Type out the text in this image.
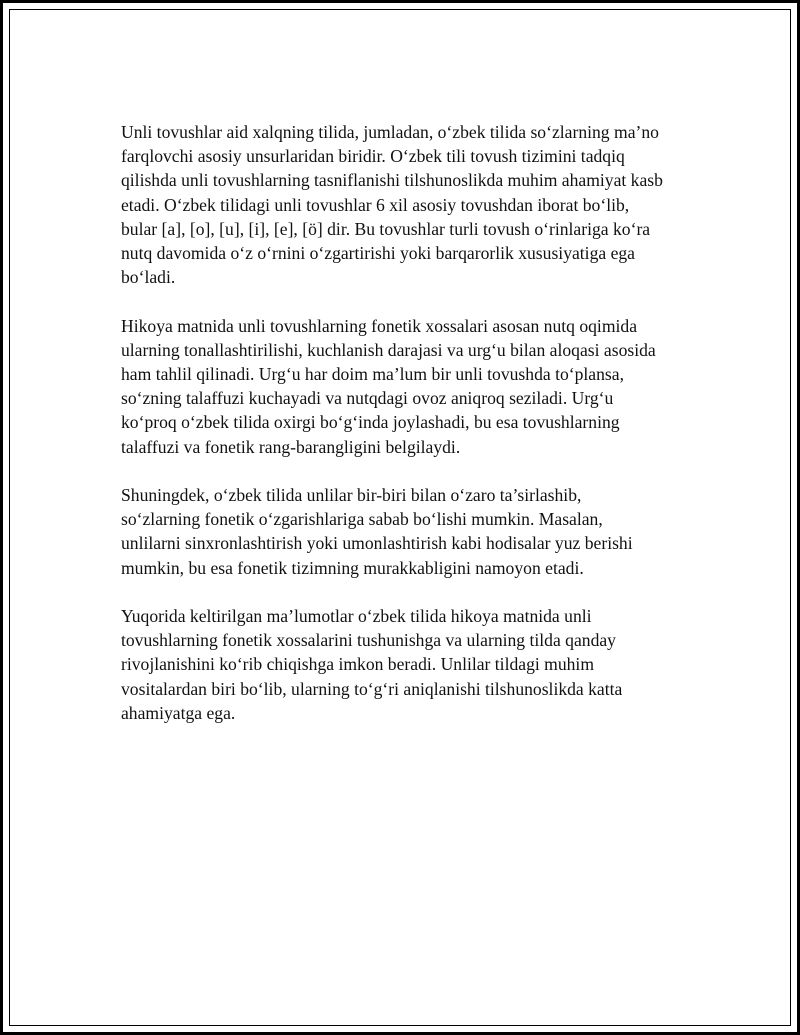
Unli tovushlar aid xalqning tilida, jumladan, o‘zbek tilida so‘zlarning ma’no
farqlovchi asosiy unsurlaridan biridir. O‘zbek tili tovush tizimini tadqiq
qilishda unli tovushlarning tasniflanishi tilshunoslikda muhim ahamiyat kasb
etadi. O‘zbek tilidagi unli tovushlar 6 xil asosiy tovushdan iborat bo‘lib,
bular [a], [o], [u], [i], [e], [ö] dir. Bu tovushlar turli tovush o‘rinlariga ko‘ra
nutq davomida o‘z o‘rnini o‘zgartirishi yoki barqarorlik xususiyatiga ega
bo‘ladi.

Hikoya matnida unli tovushlarning fonetik xossalari asosan nutq oqimida
ularning tonallashtirilishi, kuchlanish darajasi va urg‘u bilan aloqasi asosida
ham tahlil qilinadi. Urg‘u har doim ma’lum bir unli tovushda to‘plansa,
so‘zning talaffuzi kuchayadi va nutqdagi ovoz aniqroq seziladi. Urg‘u
ko‘proq o‘zbek tilida oxirgi bo‘g‘inda joylashadi, bu esa tovushlarning
talaffuzi va fonetik rang-barangligini belgilaydi.

Shuningdek, o‘zbek tilida unlilar bir-biri bilan o‘zaro ta’sirlashib,
so‘zlarning fonetik o‘zgarishlariga sabab bo‘lishi mumkin. Masalan,
unlilarni sinxronlashtirish yoki umonlashtirish kabi hodisalar yuz berishi
mumkin, bu esa fonetik tizimning murakkabligini namoyon etadi.

Yuqorida keltirilgan ma’lumotlar o‘zbek tilida hikoya matnida unli
tovushlarning fonetik xossalarini tushunishga va ularning tilda qanday
rivojlanishini ko‘rib chiqishga imkon beradi. Unlilar tildagi muhim
vositalardan biri bo‘lib, ularning to‘g‘ri aniqlanishi tilshunoslikda katta
ahamiyatga ega.
